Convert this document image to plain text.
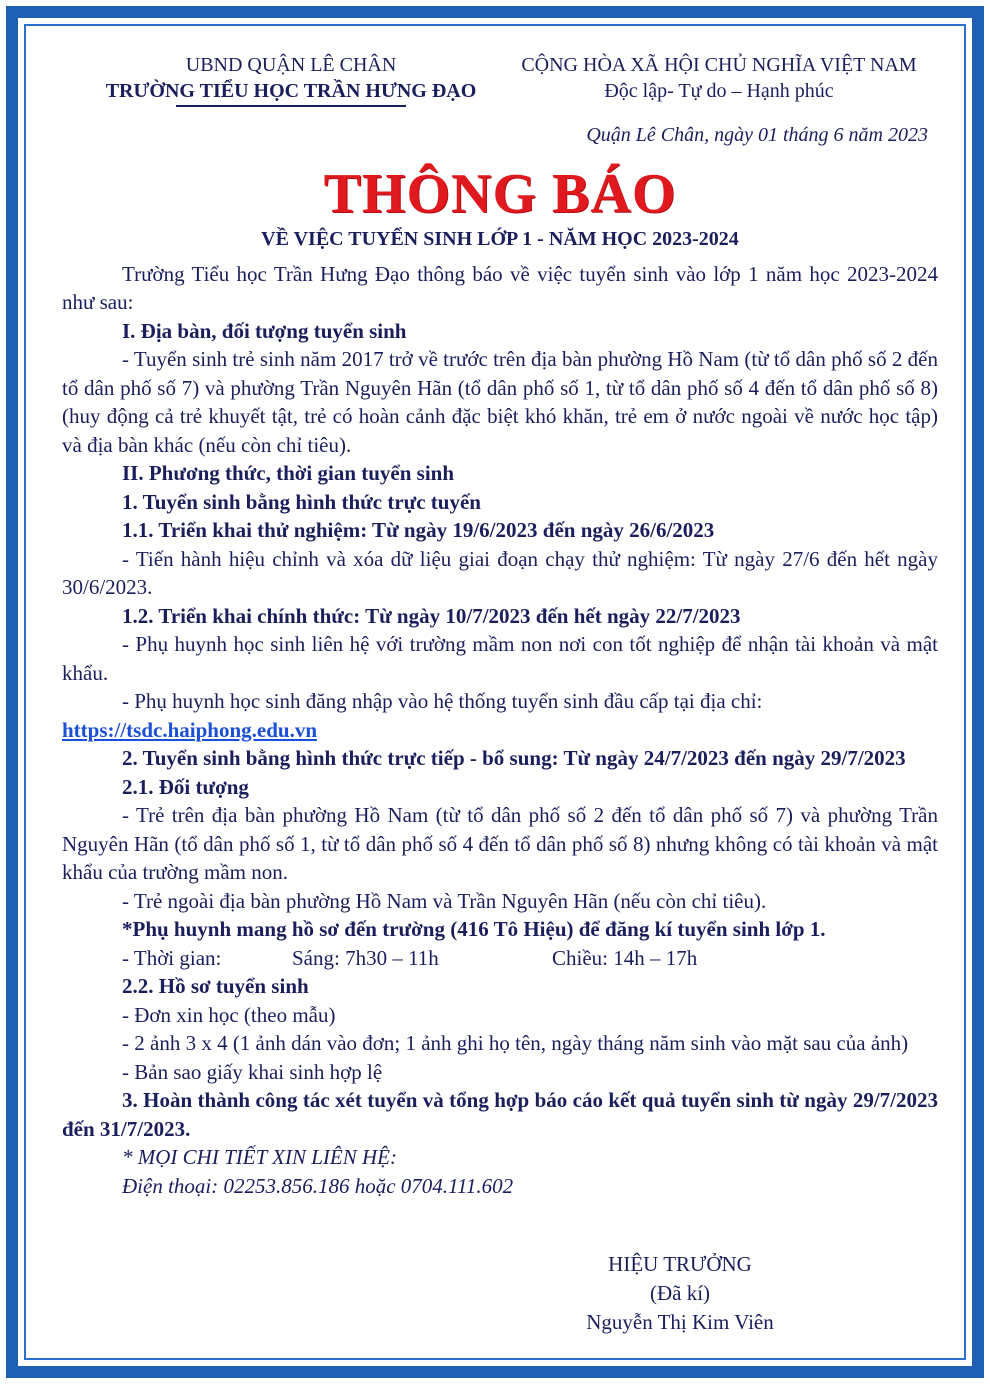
UBND QUẬN LÊ CHÂN
TRƯỜNG TIỂU HỌC TRẦN HƯNG ĐẠO
CỘNG HÒA XÃ HỘI CHỦ NGHĨA VIỆT NAM
Độc lập- Tự do – Hạnh phúc
Quận Lê Chân, ngày 01 tháng 6 năm 2023
THÔNG BÁO
VỀ VIỆC TUYỂN SINH LỚP 1 - NĂM HỌC 2023-2024

Trường Tiểu học Trần Hưng Đạo thông báo về việc tuyển sinh vào lớp 1 năm học 2023-2024 như sau:

I. Địa bàn, đối tượng tuyển sinh

- Tuyển sinh trẻ sinh năm 2017 trở về trước trên địa bàn phường Hồ Nam (từ tổ dân phố số 2 đến tổ dân phố số 7) và phường Trần Nguyên Hãn (tổ dân phố số 1, từ tổ dân phố số 4 đến tổ dân phố số 8) (huy động cả trẻ khuyết tật, trẻ có hoàn cảnh đặc biệt khó khăn, trẻ em ở nước ngoài về nước học tập) và địa bàn khác (nếu còn chỉ tiêu).

II. Phương thức, thời gian tuyển sinh

1. Tuyển sinh bằng hình thức trực tuyến

1.1. Triển khai thử nghiệm: Từ ngày 19/6/2023 đến ngày 26/6/2023

- Tiến hành hiệu chỉnh và xóa dữ liệu giai đoạn chạy thử nghiệm: Từ ngày 27/6 đến hết ngày 30/6/2023.

1.2. Triển khai chính thức: Từ ngày 10/7/2023 đến hết ngày 22/7/2023

- Phụ huynh học sinh liên hệ với trường mầm non nơi con tốt nghiệp để nhận tài khoản và mật khẩu.

- Phụ huynh học sinh đăng nhập vào hệ thống tuyển sinh đầu cấp tại địa chỉ:

https://tsdc.haiphong.edu.vn

2. Tuyển sinh bằng hình thức trực tiếp - bổ sung: Từ ngày 24/7/2023 đến ngày 29/7/2023

2.1. Đối tượng

- Trẻ trên địa bàn phường Hồ Nam (từ tổ dân phố số 2 đến tổ dân phố số 7) và phường Trần Nguyên Hãn (tổ dân phố số 1, từ tổ dân phố số 4 đến tổ dân phố số 8) nhưng không có tài khoản và mật khẩu của trường mầm non.

- Trẻ ngoài địa bàn phường Hồ Nam và Trần Nguyên Hãn (nếu còn chỉ tiêu).

*Phụ huynh mang hồ sơ đến trường (416 Tô Hiệu) để đăng kí tuyển sinh lớp 1.

- Thời gian:	Sáng: 7h30 – 11h	Chiều: 14h – 17h

2.2. Hồ sơ tuyển sinh

- Đơn xin học (theo mẫu)

- 2 ảnh 3 x 4 (1 ảnh dán vào đơn; 1 ảnh ghi họ tên, ngày tháng năm sinh vào mặt sau của ảnh)

- Bản sao giấy khai sinh hợp lệ

3. Hoàn thành công tác xét tuyển và tổng hợp báo cáo kết quả tuyển sinh từ ngày 29/7/2023 đến 31/7/2023.

* MỌI CHI TIẾT XIN LIÊN HỆ:

Điện thoại: 02253.856.186 hoặc 0704.111.602

HIỆU TRƯỞNG
(Đã kí)
Nguyễn Thị Kim Viên
